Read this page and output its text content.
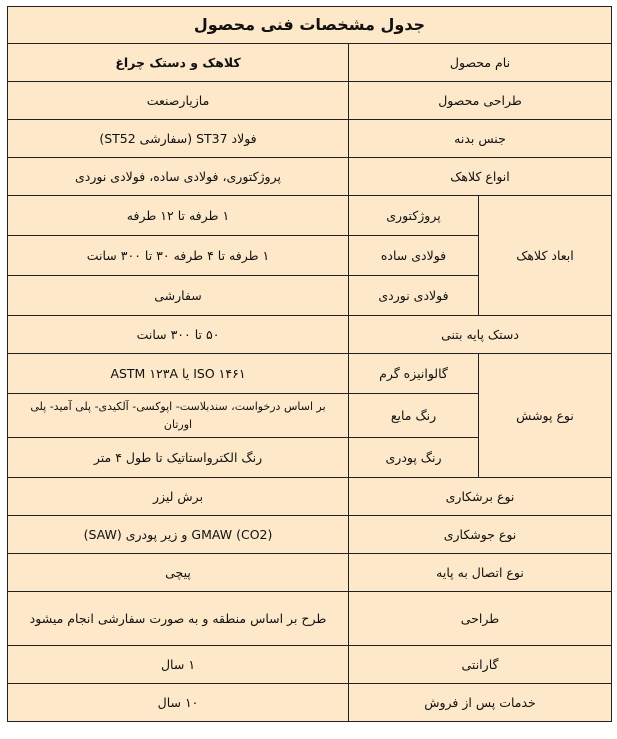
جدول مشخصات فنی محصول		
نام محصول		کلاهک و دستک چراغ
طراحی محصول		مازیارصنعت
جنس بدنه		فولاد ST37 (سفارشی ST52)
انواع کلاهک		پروژکتوری، فولادی ساده، فولادی نوردی
ابعاد کلاهک	پروژکتوری	۱ طرفه تا ۱۲ طرفه
	فولادی ساده	۱ طرفه تا ۴ طرفه ۳۰ تا ۳۰۰ سانت
	فولادی نوردی	سفارشی
دستک پایه بتنی		۵۰ تا ۳۰۰ سانت
نوع پوشش	گالوانیزه گرم	ISO ۱۴۶۱ یا ASTM ۱۲۳A
	رنگ مایع	بر اساس درخواست، سندبلاست- اپوکسی- آلکیدی- پلی آمید- پلی اورتان
	رنگ پودری	رنگ الکترواستاتیک تا طول ۴ متر
نوع برشکاری		برش لیزر
نوع جوشکاری		(CO2) GMAW و زیر پودری (SAW)
نوع اتصال به پایه		پیچی
طراحی		طرح بر اساس منطقه و به صورت سفارشی انجام میشود
گارانتی		۱ سال
خدمات پس از فروش		۱۰ سال
